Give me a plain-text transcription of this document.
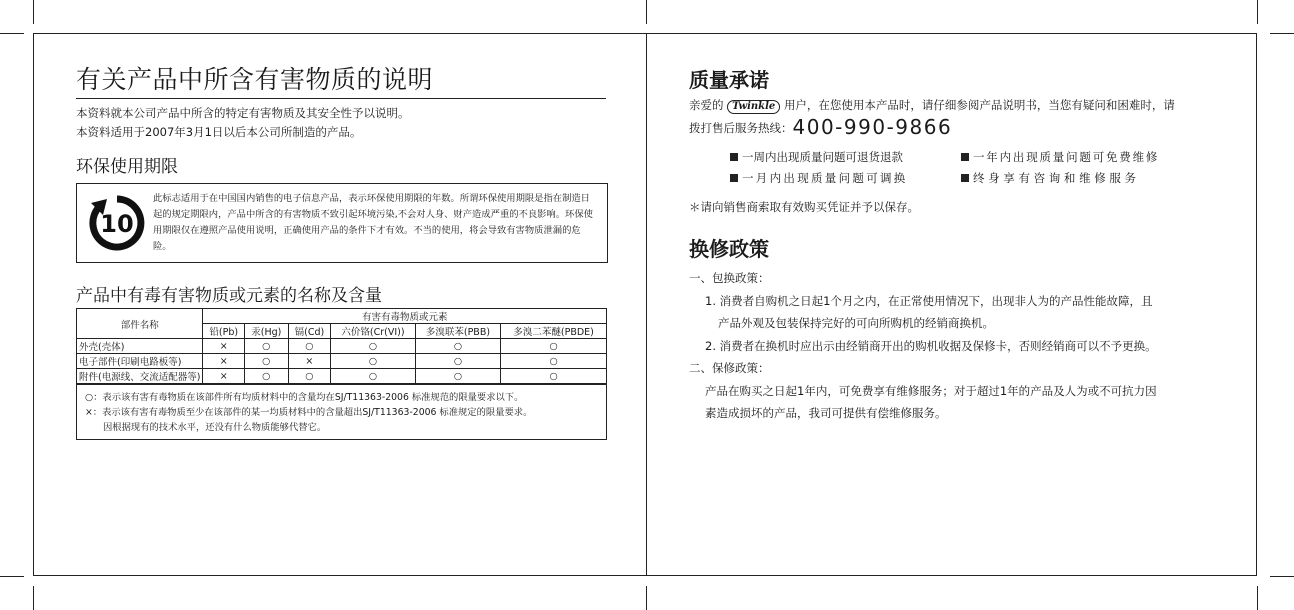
有关产品中所含有害物质的说明
本资料就本公司产品中所含的特定有害物质及其安全性予以说明。
本资料适用于2007年3月1日以后本公司所制造的产品。
环保使用期限
10
此标志适用于在中国国内销售的电子信息产品，表示环保使用期限的年数。所谓环保使用期限是指在制造日起的规定期限内，产品中所含的有害物质不致引起环境污染,不会对人身、财产造成严重的不良影响。环保使用期限仅在遵照产品使用说明，正确使用产品的条件下才有效。不当的使用，将会导致有害物质泄漏的危险。
产品中有毒有害物质或元素的名称及含量
部件名称	有害有毒物质或元素					
	铅(Pb)	汞(Hg)	镉(Cd)	六价铬(Cr(VI))	多溴联苯(PBB)	多溴二苯醚(PBDE)
外壳(壳体)	×	○	○	○	○	○
电子部件(印刷电路板等)	×	○	×	○	○	○
附件(电源线、交流适配器等)	×	○	○	○	○	○
○：表示该有害有毒物质在该部件所有均质材料中的含量均在SJ/T11363-2006 标准规范的限量要求以下。
×：表示该有害有毒物质至少在该部件的某一均质材料中的含量超出SJ/T11363-2006 标准规定的限量要求。
因根据现有的技术水平，还没有什么物质能够代替它。
质量承诺
亲爱的 Twinkle 用户，在您使用本产品时，请仔细参阅产品说明书，当您有疑问和困难时，请
拨打售后服务热线：400-990-9866
一周内出现质量问题可退货退款	一年内出现质量问题可免费维修
一月内出现质量问题可调换	终 身 享 有 咨 询 和 维 修 服 务
＊请向销售商索取有效购买凭证并予以保存。
换修政策
一、包换政策：
1. 消费者自购机之日起1个月之内，在正常使用情况下，出现非人为的产品性能故障，且
产品外观及包装保持完好的可向所购机的经销商换机。
2. 消费者在换机时应出示由经销商开出的购机收据及保修卡，否则经销商可以不予更换。
二、保修政策：
产品在购买之日起1年内，可免费享有维修服务；对于超过1年的产品及人为或不可抗力因
素造成损坏的产品，我司可提供有偿维修服务。
